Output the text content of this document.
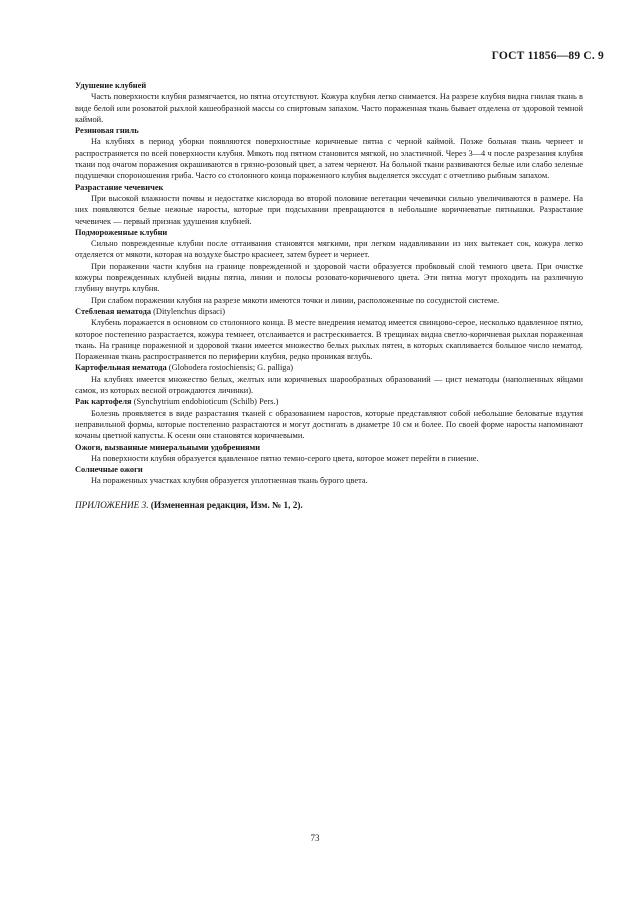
ГОСТ 11856—89 С. 9

Удушение клубней

Часть поверхности клубня размягчается, но пятна отсутствуют. Кожура клубня легко снимается. На разрезе клубня видна гнилая ткань в виде белой или розоватой рыхлой кашеобразной массы со спиртовым запахом. Часто пораженная ткань бывает отделена от здоровой темной каймой.

Резиновая гниль

На клубнях в период уборки появляются поверхностные коричневые пятна с черной каймой. Позже больная ткань чернеет и распространяется по всей поверхности клубня. Мякоть под пятном становится мягкой, но эластичной. Через 3—4 ч после разрезания клубня ткани под очагом поражения окрашиваются в грязно-розовый цвет, а затем чернеют. На больной ткани развиваются белые или слабо зеленые подушечки спороношения гриба. Часто со столонного конца пораженного клубня выделяется экссудат с отчетливо рыбным запахом.

Разрастание чечевичек

При высокой влажности почвы и недостатке кислорода во второй половине вегетации чечевички сильно увеличиваются в размере. На них появляются белые нежные наросты, которые при подсыхании превращаются в небольшие коричневатые пятнышки. Разрастание чечевичек — первый признак удушения клубней.

Подмороженные клубни

Сильно поврежденные клубни после оттаивания становятся мягкими, при легком надавливании из них вытекает сок, кожура легко отделяется от мякоти, которая на воздухе быстро краснеет, затем буреет и чернеет.

При поражении части клубня на границе поврежденной и здоровой части образуется пробковый слой темного цвета. При очистке кожуры поврежденных клубней видны пятна, линии и полосы розовато-коричневого цвета. Эти пятна могут проходить на различную глубину внутрь клубня.

При слабом поражении клубня на разрезе мякоти имеются точки и линии, расположенные по сосудистой системе.

Стеблевая нематода (Ditylenchus dipsaci)

Клубень поражается в основном со столонного конца. В месте внедрения нематод имеется свинцово-серое, несколько вдавленное пятно, которое постепенно разрастается, кожура темнеет, отслаивается и растрескивается. В трещинах видна светло-коричневая рыхлая пораженная ткань. На границе пораженной и здоровой ткани имеется множество белых рыхлых пятен, в которых скапливается большое число нематод. Пораженная ткань распространяется по периферии клубня, редко проникая вглубь.

Картофельная нематода (Globodera rostochiensis; G. palliga)

На клубнях имеется множество белых, желтых или коричневых шарообразных образований — цист нематоды (наполненных яйцами самок, из которых весной отрождаются личинки).

Рак картофеля (Synchytrium endobioticum (Schilb) Pers.)

Болезнь проявляется в виде разрастания тканей с образованием наростов, которые представляют собой небольшие беловатые вздутия неправильной формы, которые постепенно разрастаются и могут достигать в диаметре 10 см и более. По своей форме наросты напоминают кочаны цветной капусты. К осени они становятся коричневыми.

Ожоги, вызванные минеральными удобрениями

На поверхности клубня образуется вдавленное пятно темно-серого цвета, которое может перейти в гниение.

Солнечные ожоги

На пораженных участках клубня образуется уплотненная ткань бурого цвета.

ПРИЛОЖЕНИЕ 3. (Измененная редакция, Изм. № 1, 2).

73
